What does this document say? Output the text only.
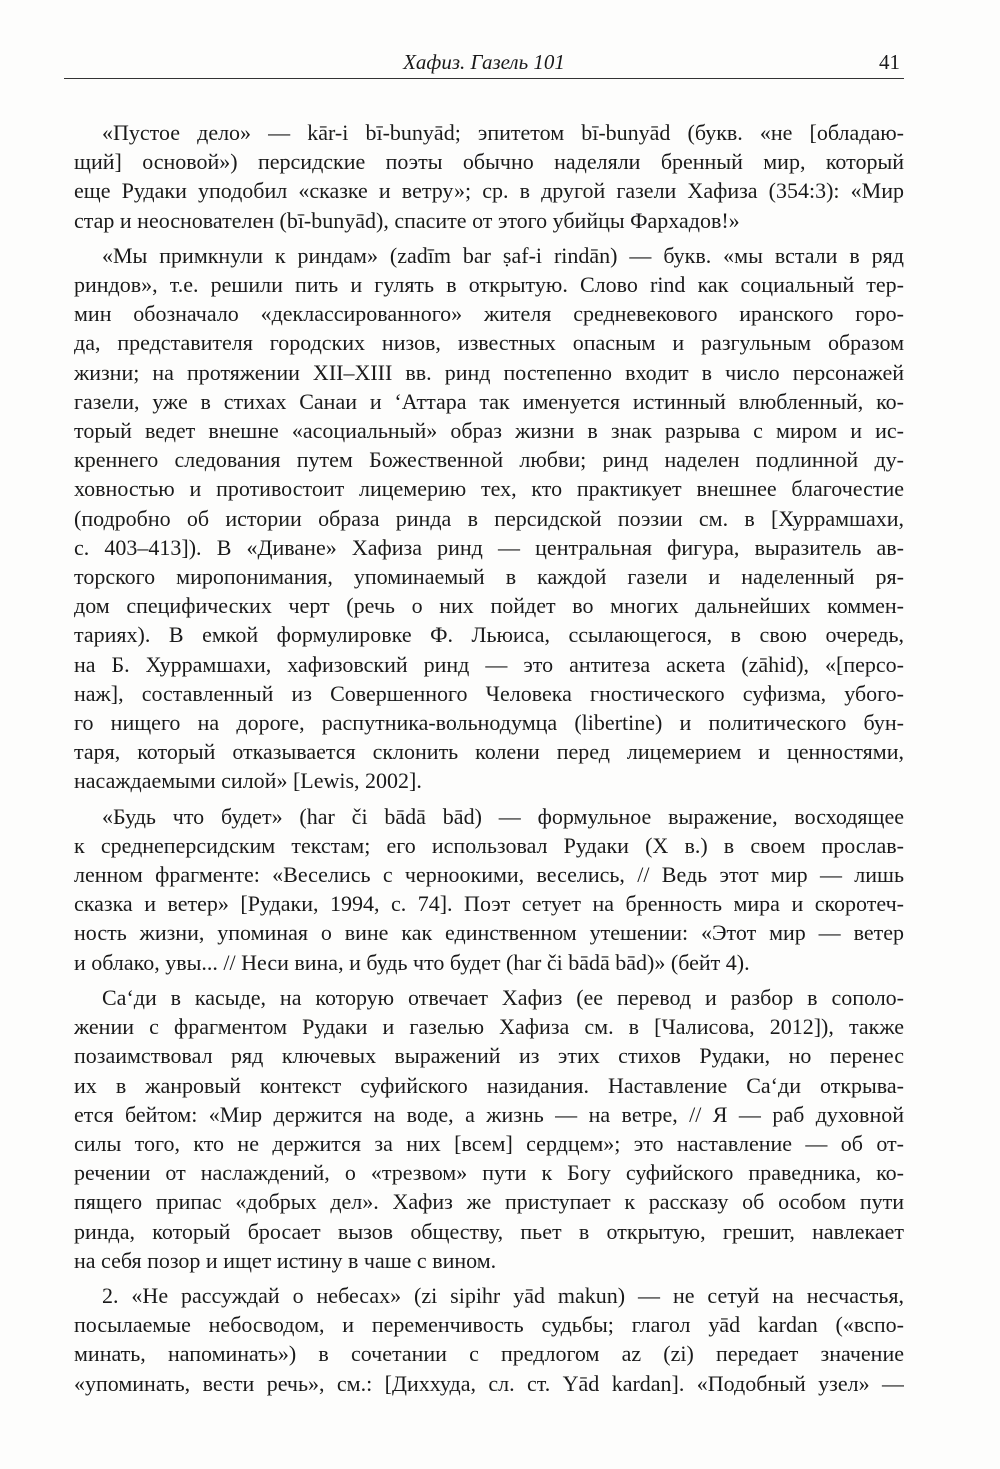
Хафиз. Газель 101	41

«Пустое дело» — kār-i bī-bunyād; эпитетом bī-bunyād (букв. «не [обладаю-
щий] основой») персидские поэты обычно наделяли бренный мир, который
еще Рудаки уподобил «сказке и ветру»; ср. в другой газели Хафиза (354:3): «Мир
стар и неоснователен (bī-bunyād), спасите от этого убийцы Фархадов!»

«Мы примкнули к риндам» (zadīm bar ṣaf-i rindān) — букв. «мы встали в ряд
риндов», т.е. решили пить и гулять в открытую. Слово rind как социальный тер-
мин обозначало «деклассированного» жителя средневекового иранского горо-
да, представителя городских низов, известных опасным и разгульным образом
жизни; на протяжении XII–XIII вв. ринд постепенно входит в число персонажей
газели, уже в стихах Санаи и ʻАттара так именуется истинный влюбленный, ко-
торый ведет внешне «асоциальный» образ жизни в знак разрыва с миром и ис-
креннего следования путем Божественной любви; ринд наделен подлинной ду-
ховностью и противостоит лицемерию тех, кто практикует внешнее благочестие
(подробно об истории образа ринда в персидской поэзии см. в [Хуррамшахи,
с. 403–413]). В «Диване» Хафиза ринд — центральная фигура, выразитель ав-
торского миропонимания, упоминаемый в каждой газели и наделенный ря-
дом специфических черт (речь о них пойдет во многих дальнейших коммен-
тариях). В емкой формулировке Ф. Льюиса, ссылающегося, в свою очередь,
на Б. Хуррамшахи, хафизовский ринд — это антитеза аскета (zāhid), «[персо-
наж], составленный из Совершенного Человека гностического суфизма, убого-
го нищего на дороге, распутника-вольнодумца (libertine) и политического бун-
таря, который отказывается склонить колени перед лицемерием и ценностями,
насаждаемыми силой» [Lewis, 2002].

«Будь что будет» (har či bādā bād) — формульное выражение, восходящее
к среднеперсидским текстам; его использовал Рудаки (X в.) в своем прослав-
ленном фрагменте: «Веселись с черноокими, веселись, // Ведь этот мир — лишь
сказка и ветер» [Рудаки, 1994, с. 74]. Поэт сетует на бренность мира и скоротеч-
ность жизни, упоминая о вине как единственном утешении: «Этот мир — ветер
и облако, увы... // Неси вина, и будь что будет (har či bādā bād)» (бейт 4).

Саʻди в касыде, на которую отвечает Хафиз (ее перевод и разбор в сополо-
жении с фрагментом Рудаки и газелью Хафиза см. в [Чалисова, 2012]), также
позаимствовал ряд ключевых выражений из этих стихов Рудаки, но перенес
их в жанровый контекст суфийского назидания. Наставление Саʻди открыва-
ется бейтом: «Мир держится на воде, а жизнь — на ветре, // Я — раб духовной
силы того, кто не держится за них [всем] сердцем»; это наставление — об от-
речении от наслаждений, о «трезвом» пути к Богу суфийского праведника, ко-
пящего припас «добрых дел». Хафиз же приступает к рассказу об особом пути
ринда, который бросает вызов обществу, пьет в открытую, грешит, навлекает
на себя позор и ищет истину в чаше с вином.

2. «Не рассуждай о небесах» (zi sipihr yād makun) — не сетуй на несчастья,
посылаемые небосводом, и переменчивость судьбы; глагол yād kardan («вспо-
минать, напоминать») в сочетании с предлогом az (zi) передает значение
«упоминать, вести речь», см.: [Диххуда, сл. ст. Yād kardan]. «Подобный узел» —
